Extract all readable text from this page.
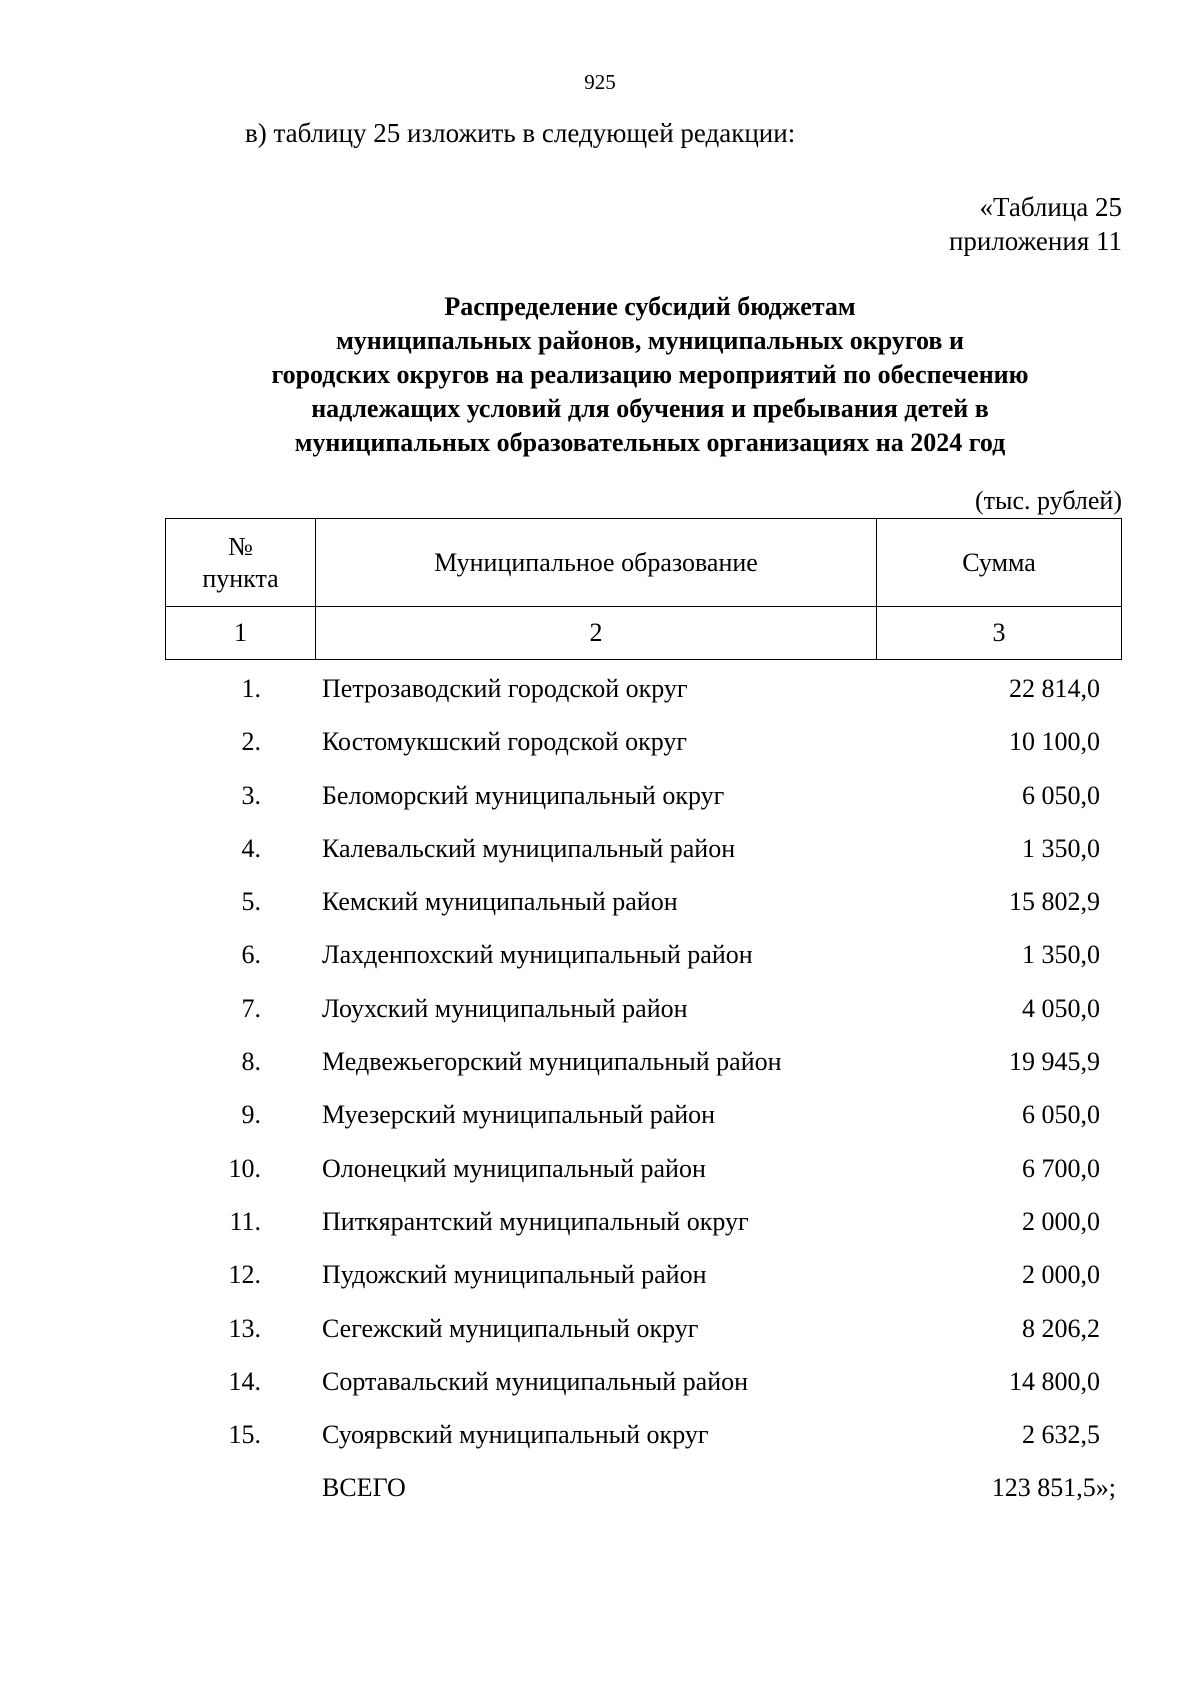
925
в) таблицу 25 изложить в следующей редакции:
«Таблица 25
приложения 11
Распределение субсидий бюджетам
муниципальных районов, муниципальных округов и
городских округов на реализацию мероприятий по обеспечению
надлежащих условий для обучения и пребывания детей в
муниципальных образовательных организациях на 2024 год
(тыс. рублей)
№
пункта	Муниципальное образование	Сумма
1	2	3
1. Петрозаводский городской округ	22 814,0
2. Костомукшский городской округ	10 100,0
3. Беломорский муниципальный округ	6 050,0
4. Калевальский муниципальный район	1 350,0
5. Кемский муниципальный район	15 802,9
6. Лахденпохский муниципальный район	1 350,0
7. Лоухский муниципальный район	4 050,0
8. Медвежьегорский муниципальный район	19 945,9
9. Муезерский муниципальный район	6 050,0
10. Олонецкий муниципальный район	6 700,0
11. Питкярантский муниципальный округ	2 000,0
12. Пудожский муниципальный район	2 000,0
13. Сегежский муниципальный округ	8 206,2
14. Сортавальский муниципальный район	14 800,0
15. Суоярвский муниципальный округ	2 632,5
ВСЕГО	123 851,5»;
